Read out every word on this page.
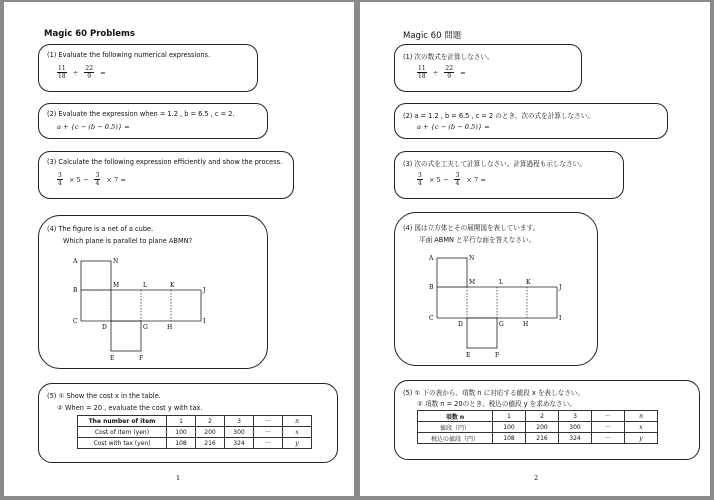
Magic 60 Problems
(1) Evaluate the following numerical expressions.
$\frac{11}{18} \div \frac{22}{9}$ =
(2) Evaluate the expression when = 1.2 , b = 6.5 , c = 2.
a + {c − (b − 0.5)} =
(3) Calculate the following expression efficiently and show the process.
$\frac{3}{4} \times 5 - \frac{3}{4} \times 7$ =
(4) The figure is a net of a cube.
Which plane is parallel to plane ABMN?
A	N
B
M	L	K
J
C
D	G	H
I
E	F
(5) ① Show the cost x in the table.
② When = 20 , evaluate the cost y with tax.
The number of item	1	2	3	···	n
Cost of item (yen)	100	200	300	···	x
Cost with tax (yen)	108	216	324	···	y
1
Magic 60 問題
(1) 次の数式を計算しなさい。
$\frac{11}{18} \div \frac{22}{9}$ =
(2) a = 1.2 , b = 6.5 , c = 2 のとき、次の式を計算しなさい。
a + {c − (b − 0.5)} =
(3) 次の式を工夫して計算しなさい。計算過程も示しなさい。
$\frac{3}{4} \times 5 - \frac{3}{4} \times 7$ =
(4) 図は立方体とその展開図を表しています。
平面 ABMN と平行な面を答えなさい。
A	N
B
M	L	K
J
C
D	G	H
I
E	F
(5) ① 下の表から、項数 n に対応する値段 x を表しなさい。
② 項数 n = 20のとき、税込の値段 y を求めなさい。
項数 n	1	2	3	···	n
値段（円）	100	200	300	···	x
税込の値段（円）	108	216	324	···	y
2
